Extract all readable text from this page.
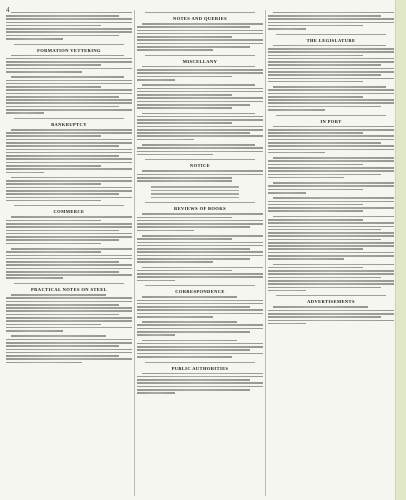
4
FORMATION VETTERING
BANKRUPTCY
COMMERCE
PRACTICAL NOTES ON STEEL
NOTES AND QUERIES
MISCELLANY
NOTICE
REVIEWS OF BOOKS
CORRESPONDENCE
PUBLIC AUTHORITIES
THE LEGISLATURE
IN PORT
ADVERTISEMENTS
